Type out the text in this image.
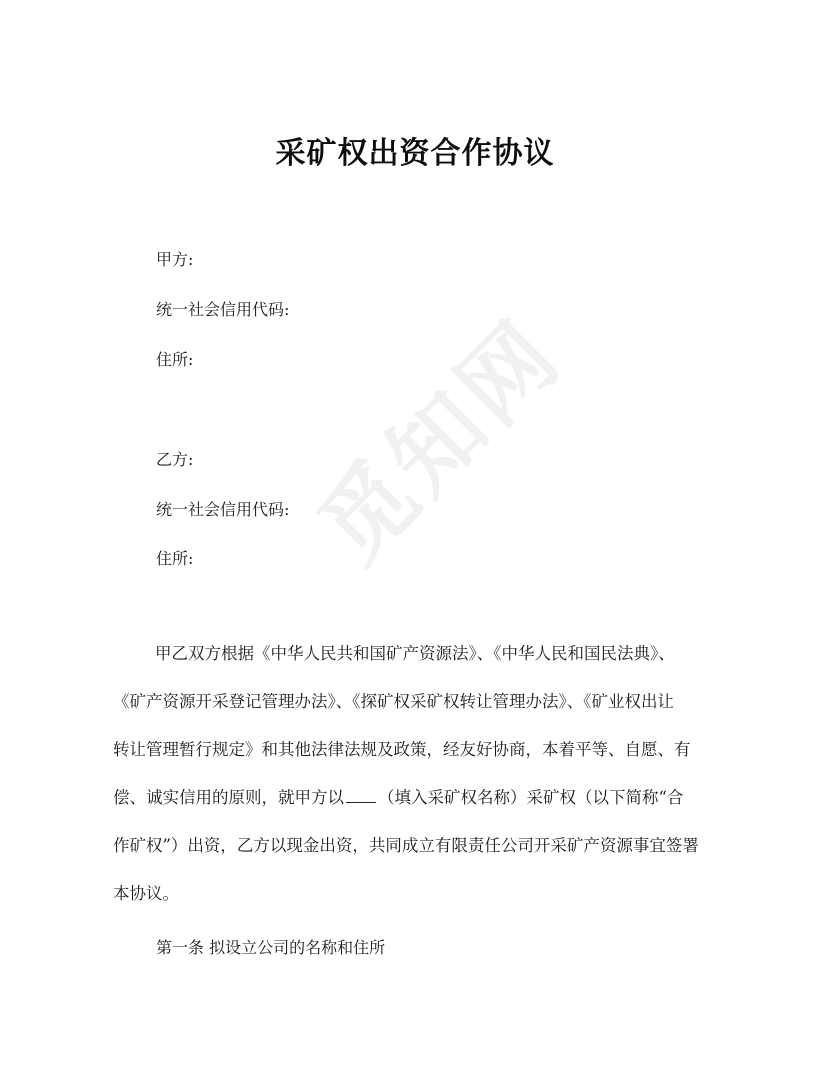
觅知网
采矿权出资合作协议
甲方:
统一社会信用代码:
住所:
乙方:
统一社会信用代码:
住所:
甲乙双方根据《中华人民共和国矿产资源法》、《中华人民和国民法典》、
《矿产资源开采登记管理办法》、《探矿权采矿权转让管理办法》、《矿业权出让
转让管理暂行规定》和其他法律法规及政策，经友好协商，本着平等、自愿、有
偿、诚实信用的原则，就甲方以 （填入采矿权名称）采矿权（以下简称“合
作矿权”）出资，乙方以现金出资，共同成立有限责任公司开采矿产资源事宜签署
本协议。
第一条 拟设立公司的名称和住所
